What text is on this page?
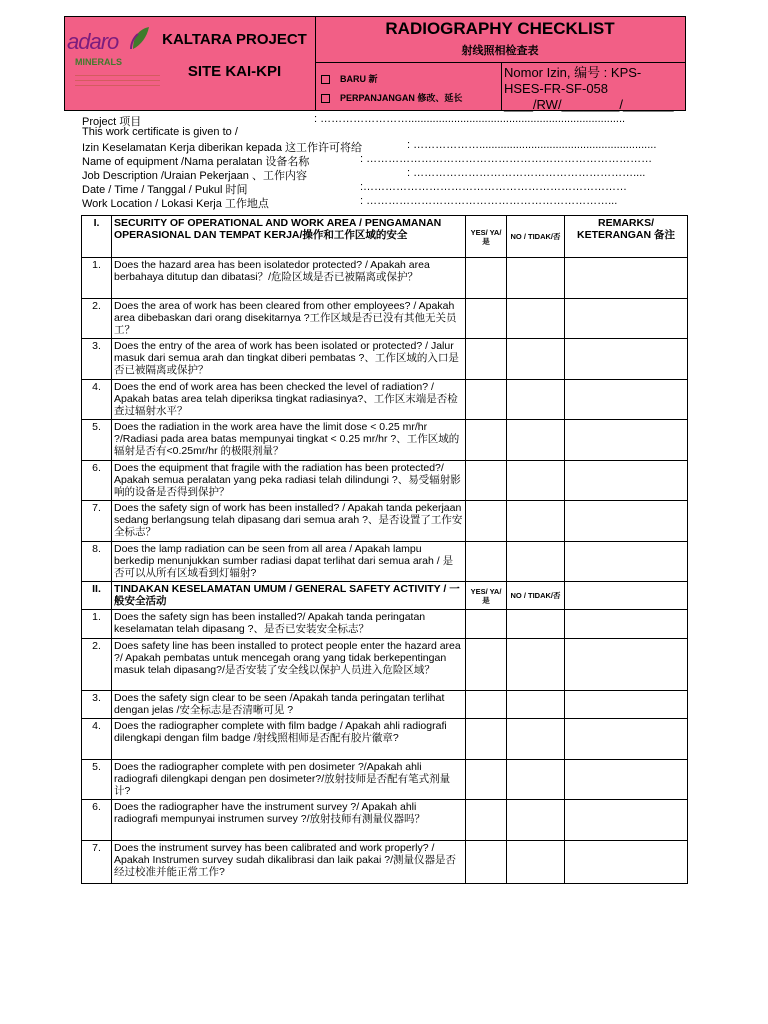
adaro
MINERALS
KALTARA PROJECT
SITE KAI-KPI
RADIOGRAPHY CHECKLIST
射线照相检查表
BARU 新
PERPANJANGAN 修改、延长
Nomor Izin, 编号 : KPS-
HSES-FR-SF-058
____/RW/________/_______
Project 项目	: …………………….......................................................................
This work certificate is given to /
Izin Keselamatan Kerja diberikan kepada 这工作许可将给	: ………………..........................................................
Name of equipment /Nama peralatan 设备名称	: ……………………………………………………………………
Job Description /Uraian Pekerjaan 、工作内容	: ……………………………………………………....
Date / Time / Tanggal / Pukul 时间	:………………………………………………………………
Work Location / Lokasi Kerja 工作地点	: …………………………………………………………...
I.	SECURITY OF OPERATIONAL AND WORK AREA / PENGAMANAN OPERASIONAL DAN TEMPAT KERJA/操作和工作区域的安全	YES/ YA/是	NO / TIDAK/否	REMARKS/ KETERANGAN 备注
1.	Does the hazard area has been isolatedor protected? / Apakah area berbahaya ditutup dan dibatasi？/危险区域是否已被隔离或保护？			
2.	Does the area of work has been cleared from other employees? / Apakah area dibebaskan dari orang disekitarnya ?工作区域是否已没有其他无关员工？			
3.	Does the entry of the area of work has been isolated or protected? / Jalur masuk dari semua arah dan tingkat diberi pembatas ?、工作区域的入口是否已被隔离或保护？			
4.	Does the end of work area has been checked the level of radiation? / Apakah batas area telah diperiksa tingkat radiasinya?、工作区末端是否检查过辐射水平？			
5.	Does the radiation in the work area have the limit dose < 0.25 mr/hr ?/Radiasi pada area batas mempunyai tingkat < 0.25 mr/hr ?、工作区域的辐射是否有<0.25mr/hr 的极限剂量？			
6.	Does the equipment that fragile with the radiation has been protected?/ Apakah semua peralatan yang peka radiasi telah dilindungi ?、易受辐射影响的设备是否得到保护？			
7.	Does the safety sign of work has been installed? / Apakah tanda pekerjaan sedang berlangsung telah dipasang dari semua arah ?、是否设置了工作安全标志？			
8.	Does the lamp radiation can be seen from all area / Apakah lampu berkedip menunjukkan sumber radiasi dapat terlihat dari semua arah / 是否可以从所有区域看到灯辐射?			
II.	TINDAKAN KESELAMATAN UMUM / GENERAL SAFETY ACTIVITY / 一般安全活动	YES/ YA/是	NO / TIDAK/否	
1.	Does the safety sign has been installed?/ Apakah tanda peringatan keselamatan telah dipasang ?、是否已安装安全标志？			
2.	Does safety line has been installed to protect people enter the hazard area ?/ Apakah pembatas untuk mencegah orang yang tidak berkepentingan masuk telah dipasang?/是否安装了安全线以保护人员进入危险区域？			
3.	Does the safety sign clear to be seen /Apakah tanda peringatan terlihat dengan jelas /安全标志是否清晰可见 ?			
4.	Does the radiographer complete with film badge / Apakah ahli radiografi dilengkapi dengan film badge /射线照相师是否配有胶片徽章?			
5.	Does the radiographer complete with pen dosimeter ?/Apakah ahli radiografi dilengkapi dengan pen dosimeter?/放射技师是否配有笔式剂量计?			
6.	Does the radiographer have the instrument survey ?/ Apakah ahli radiografi mempunyai instrumen survey ?/放射技师有测量仪器吗？			
7.	Does the instrument survey has been calibrated and work properly? / Apakah Instrumen survey sudah dikalibrasi dan laik pakai ?/测量仪器是否经过校准并能正常工作?			
